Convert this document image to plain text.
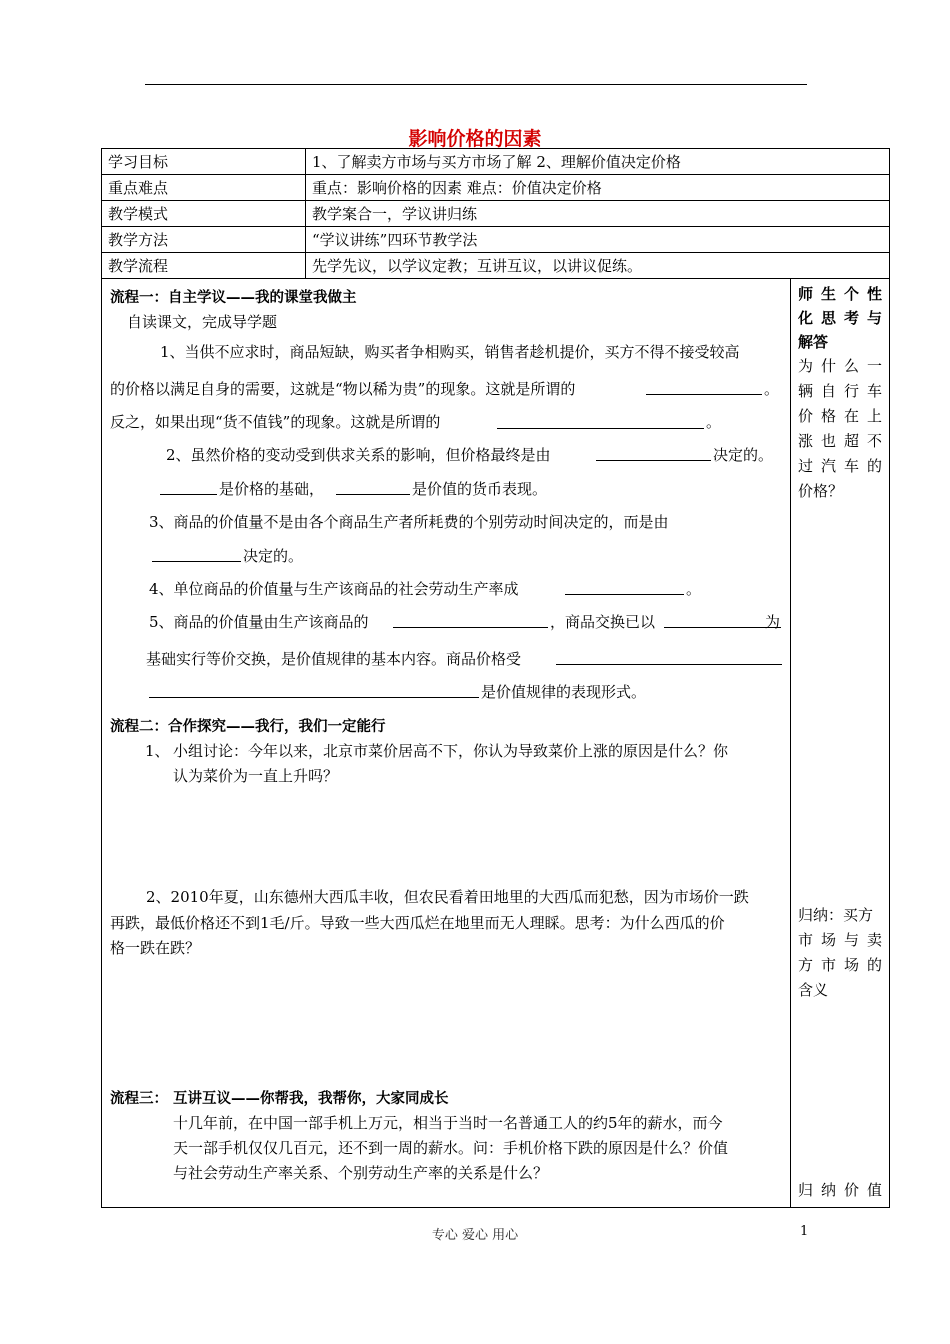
影响价格的因素
学习目标	1、了解卖方市场与买方市场了解 2、理解价值决定价格
重点难点	重点：影响价格的因素 难点：价值决定价格
教学模式	教学案合一，学议讲归练
教学方法	“学议讲练”四环节教学法
教学流程	先学先议，以学议定教；互讲互议，以讲议促练。
流程一：自主学议——我的课堂我做主
自读课文，完成导学题
1、当供不应求时，商品短缺，购买者争相购买，销售者趁机提价，买方不得不接受较高
的价格以满足自身的需要，这就是“物以稀为贵”的现象。这就是所谓的	。
反之，如果出现“货不值钱”的现象。这就是所谓的	。
2、虽然价格的变动受到供求关系的影响，但价格最终是由	决定的。
是价格的基础，	是价值的货币表现。
3、商品的价值量不是由各个商品生产者所耗费的个别劳动时间决定的，而是由
决定的。
4、单位商品的价值量与生产该商品的社会劳动生产率成	。
5、商品的价值量由生产该商品的	，商品交换已以	为
基础实行等价交换，是价值规律的基本内容。商品价格受
是价值规律的表现形式。
流程二：合作探究——我行，我们一定能行
1、 小组讨论：今年以来，北京市菜价居高不下，你认为导致菜价上涨的原因是什么？你
认为菜价为一直上升吗？
2、2010年夏，山东德州大西瓜丰收，但农民看着田地里的大西瓜而犯愁，因为市场价一跌
再跌，最低价格还不到1毛/斤。导致一些大西瓜烂在地里而无人理睬。思考：为什么西瓜的价
格一跌在跌？
流程三： 互讲互议——你帮我，我帮你，大家同成长
十几年前，在中国一部手机上万元，相当于当时一名普通工人的约5年的薪水，而今
天一部手机仅仅几百元，还不到一周的薪水。问：手机价格下跌的原因是什么？价值
与社会劳动生产率关系、个别劳动生产率的关系是什么？
师生个性
化思考与
解答
为什么一
辆自行车
价格在上
涨也超不
过汽车的
价格？
归纳：买方
市场与卖
方市场的
含义
归纳价值
专心 爱心 用心	1
